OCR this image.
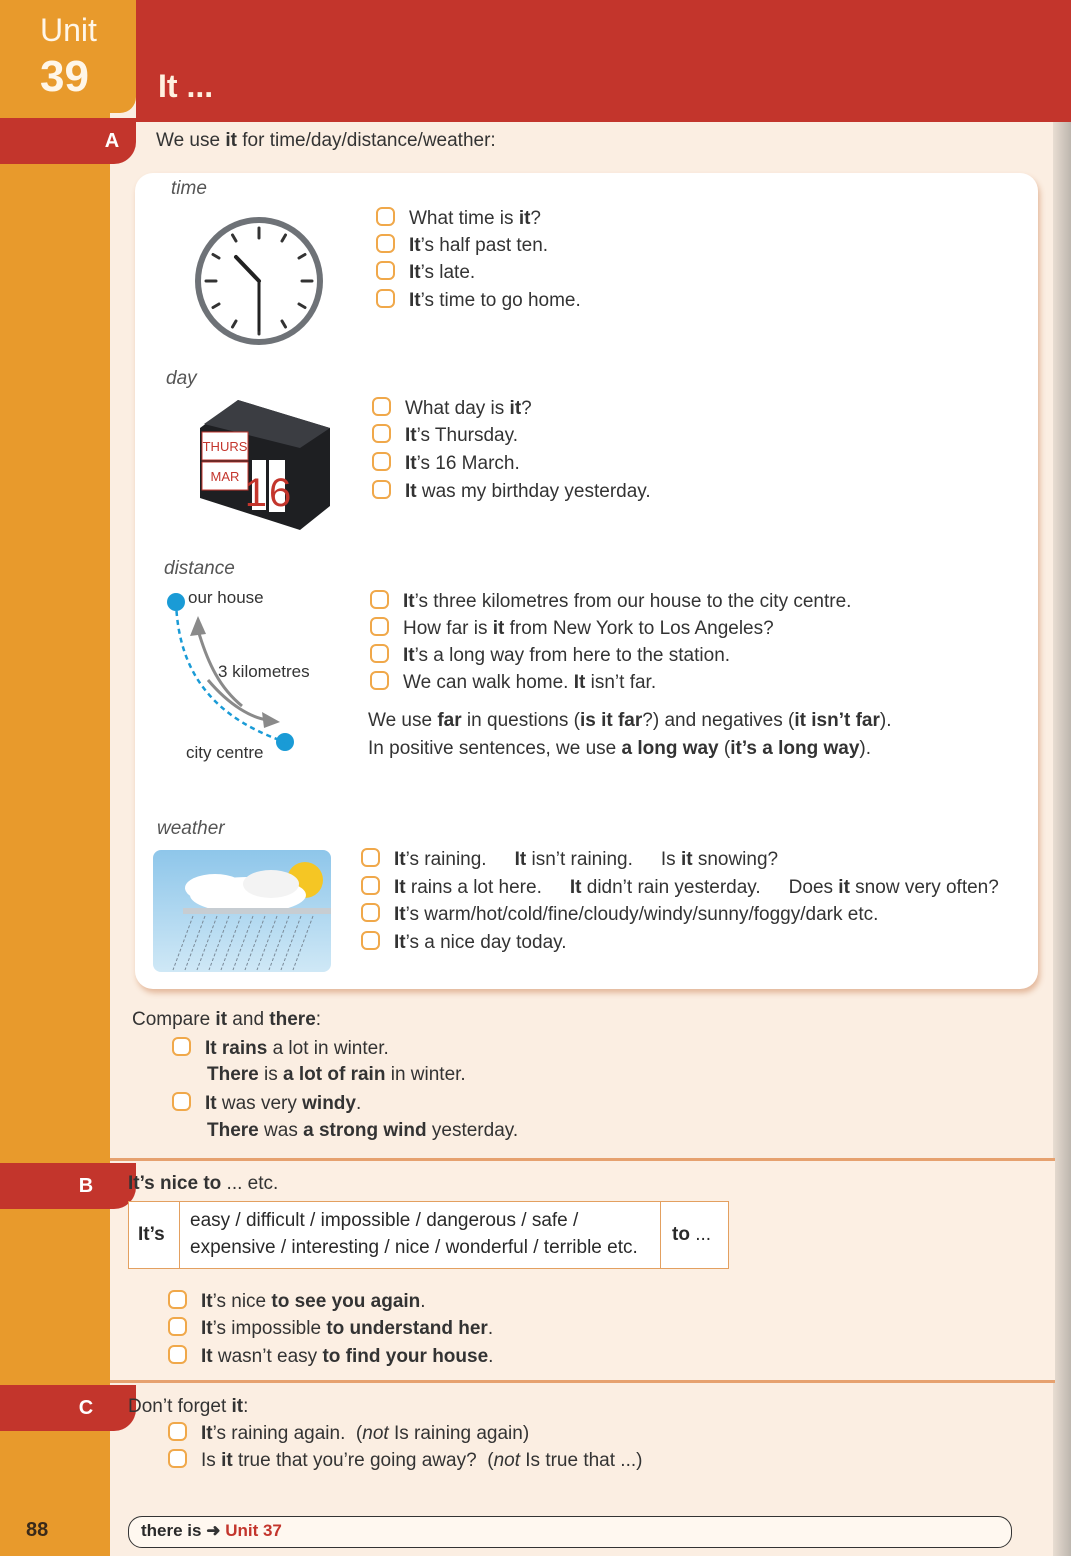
Unit
39 It ...
A
B
C
We use it for time/day/distance/weather:
time
What time is it?
It’s half past ten.
It’s late.
It’s time to go home.
day
THURS
MAR 16
What day is it?
It’s Thursday.
It’s 16 March.
It was my birthday yesterday.
distance
our house
3 kilometres
city centre
It’s three kilometres from our house to the city centre.
How far is it from New York to Los Angeles?
It’s a long way from here to the station.
We can walk home. It isn’t far.
We use far in questions (is it far?) and negatives (it isn’t far).
In positive sentences, we use a long way (it’s a long way).
weather
It’s raining. It isn’t raining. Is it snowing?
It rains a lot here. It didn’t rain yesterday. Does it snow very often?
It’s warm/hot/cold/fine/cloudy/windy/sunny/foggy/dark etc.
It’s a nice day today.
Compare it and there:
It rains a lot in winter.
There is a lot of rain in winter.
It was very windy.
There was a strong wind yesterday.
It’s nice to ... etc.
It’s
easy / difficult / impossible / dangerous / safe /
expensive / interesting / nice / wonderful / terrible etc.
to ...
It’s nice to see you again.
It’s impossible to understand her.
It wasn’t easy to find your house.
Don’t forget it:
It’s raining again. (not Is raining again)
Is it true that you’re going away? (not Is true that ...)
88	there is ➜ Unit 37
